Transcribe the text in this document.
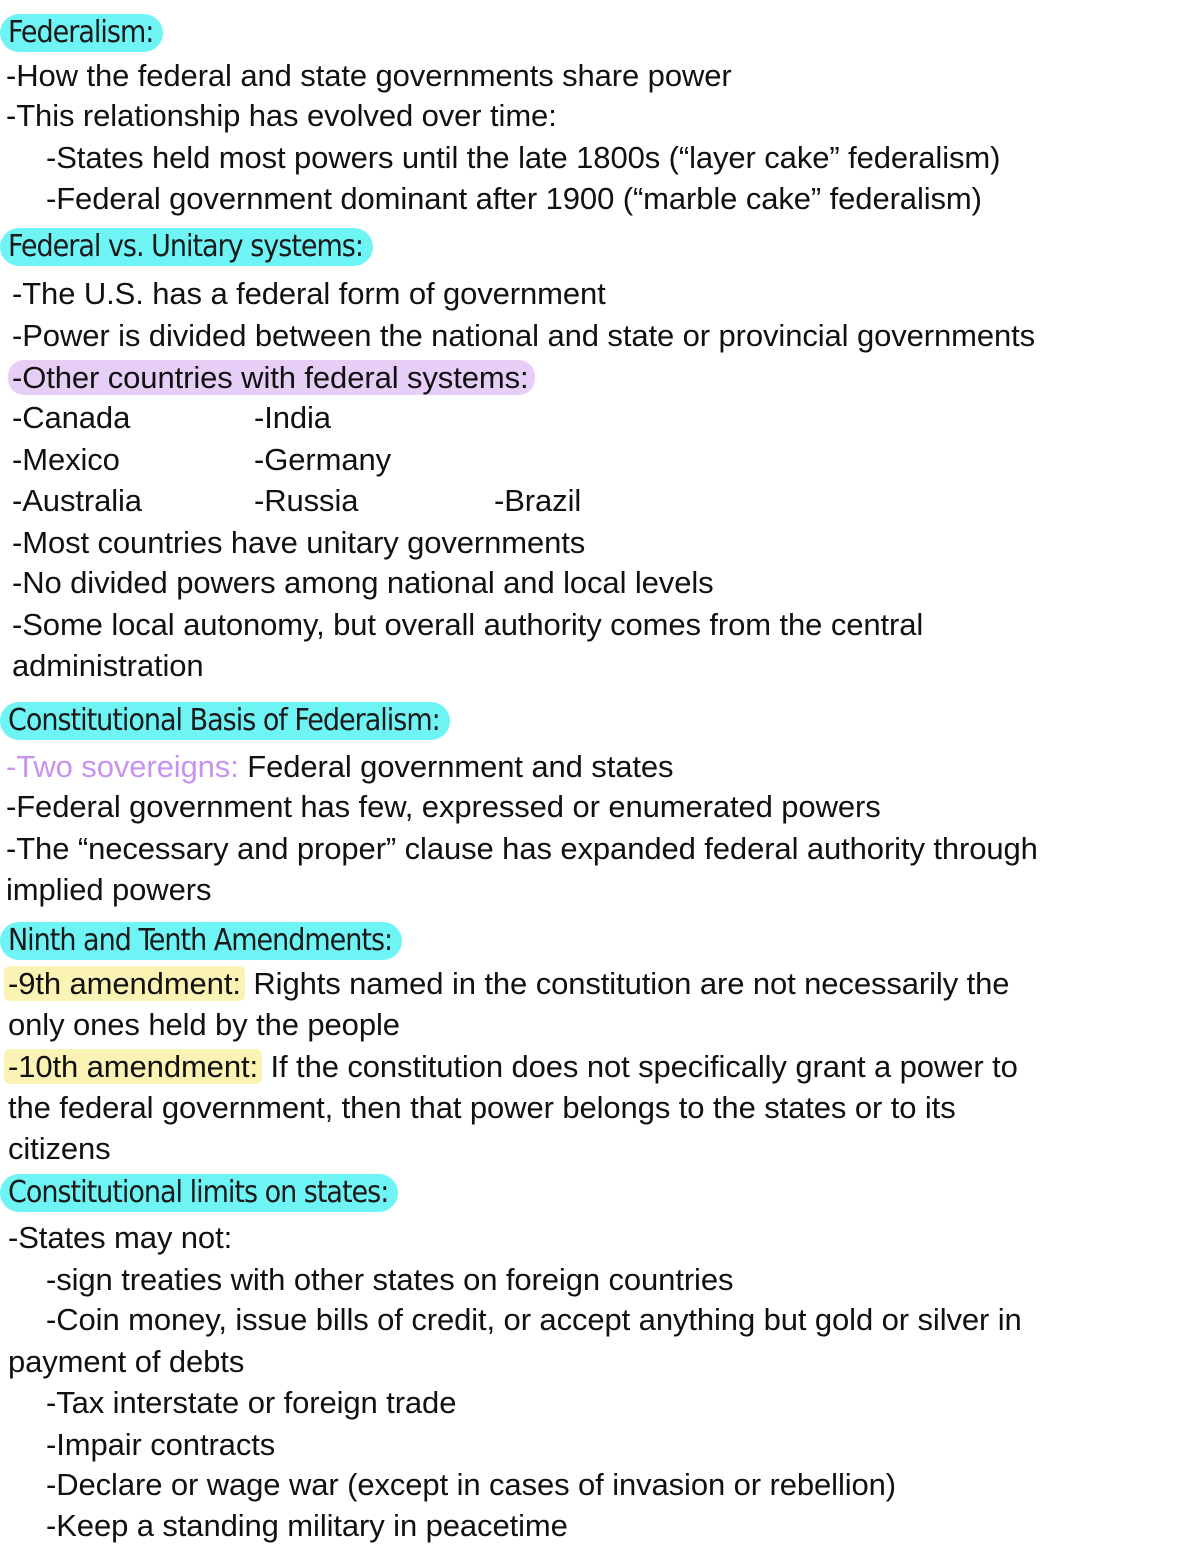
Federalism:
-How the federal and state governments share power
-This relationship has evolved over time:
-States held most powers until the late 1800s (“layer cake” federalism)
-Federal government dominant after 1900 (“marble cake” federalism)
Federal vs. Unitary systems:
-The U.S. has a federal form of government
-Power is divided between the national and state or provincial governments
-Other countries with federal systems:
-Canada
-Mexico
-Australia
-India
-Germany
-Russia	-Brazil
-Most countries have unitary governments
-No divided powers among national and local levels
-Some local autonomy, but overall authority comes from the central
administration
Constitutional Basis of Federalism:
-Two sovereigns: Federal government and states
-Federal government has few, expressed or enumerated powers
-The “necessary and proper” clause has expanded federal authority through
implied powers
Ninth and Tenth Amendments:
-9th amendment: Rights named in the constitution are not necessarily the
only ones held by the people
-10th amendment: If the constitution does not specifically grant a power to
the federal government, then that power belongs to the states or to its
citizens
Constitutional limits on states:
-States may not:
-sign treaties with other states on foreign countries
-Coin money, issue bills of credit, or accept anything but gold or silver in
payment of debts
-Tax interstate or foreign trade
-Impair contracts
-Declare or wage war (except in cases of invasion or rebellion)
-Keep a standing military in peacetime
